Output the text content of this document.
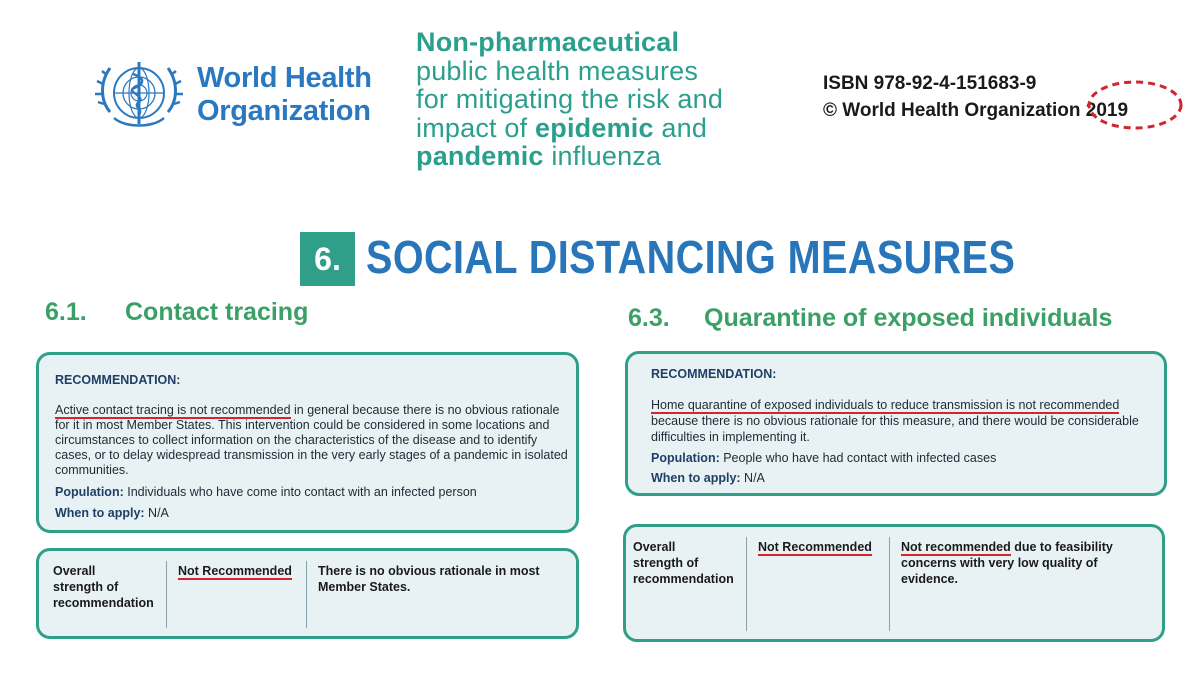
World Health
Organization
Non-pharmaceutical
public health measures
for mitigating the risk and
impact of epidemic and
pandemic influenza
ISBN 978-92-4-151683-9
© World Health Organization 2019
6. SOCIAL DISTANCING MEASURES
6.1. Contact tracing
RECOMMENDATION:
Active contact tracing is not recommended in general because there is no obvious rationale
for it in most Member States. This intervention could be considered in some locations and
circumstances to collect information on the characteristics of the disease and to identify
cases, or to delay widespread transmission in the very early stages of a pandemic in isolated
communities.
Population: Individuals who have come into contact with an infected person
When to apply: N/A
Overall
strength of
recommendation
Not Recommended There is no obvious rationale in most
Member States.
6.3. Quarantine of exposed individuals
RECOMMENDATION:
Home quarantine of exposed individuals to reduce transmission is not recommended
because there is no obvious rationale for this measure, and there would be considerable
difficulties in implementing it.
Population: People who have had contact with infected cases
When to apply: N/A
Overall
strength of
recommendation
Not Recommended Not recommended due to feasibility
concerns with very low quality of
evidence.
